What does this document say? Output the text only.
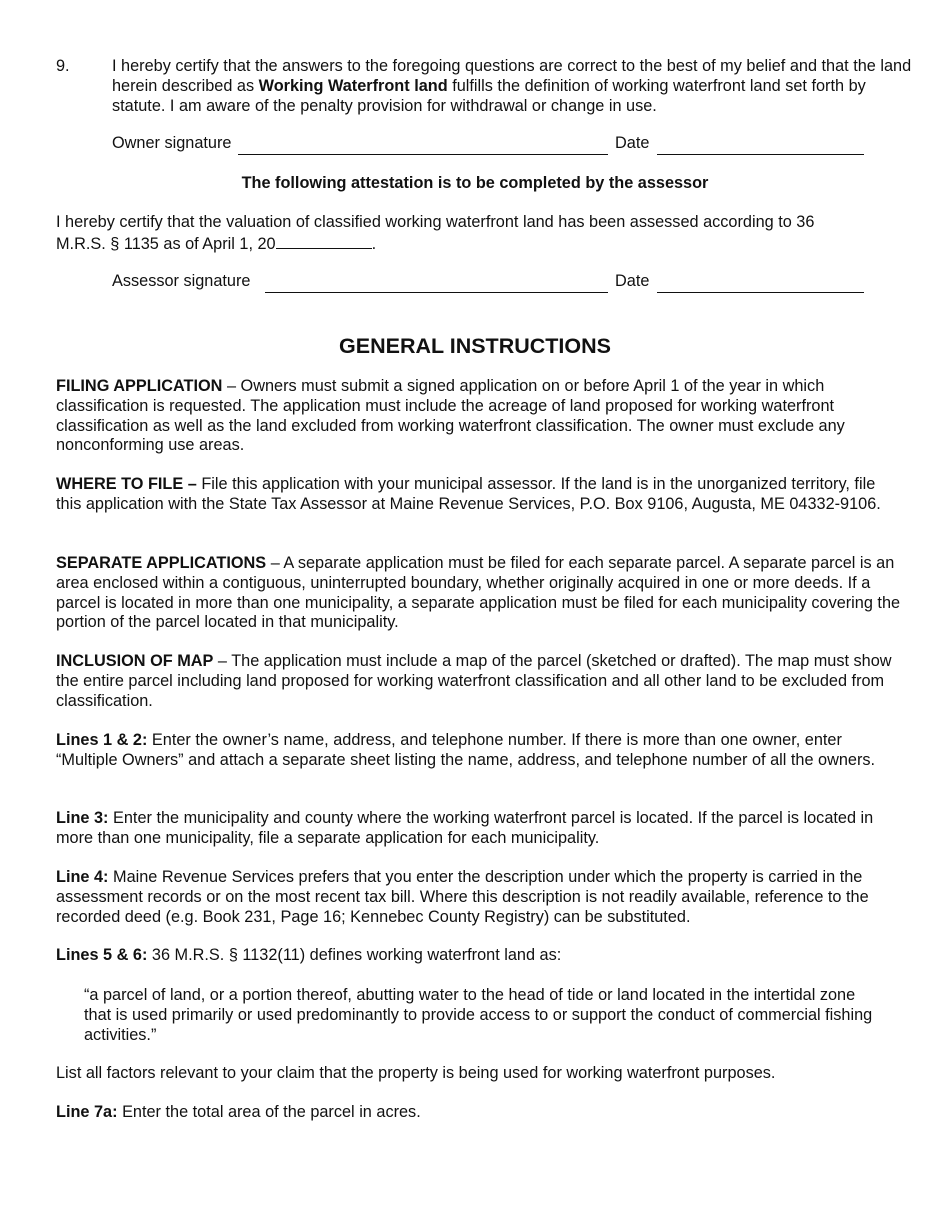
9.	I hereby certify that the answers to the foregoing questions are correct to the best of my belief and that the land herein described as Working Waterfront land fulfills the definition of working waterfront land set forth by statute. I am aware of the penalty provision for withdrawal or change in use.

Owner signature	Date

The following attestation is to be completed by the assessor

I hereby certify that the valuation of classified working waterfront land has been assessed according to 36

M.R.S. § 1135 as of April 1, 20	.

Assessor signature	Date

GENERAL INSTRUCTIONS

FILING APPLICATION – Owners must submit a signed application on or before April 1 of the year in which classification is requested. The application must include the acreage of land proposed for working waterfront classification as well as the land excluded from working waterfront classification. The owner must exclude any nonconforming use areas.

WHERE TO FILE – File this application with your municipal assessor. If the land is in the unorganized territory, file this application with the State Tax Assessor at Maine Revenue Services, P.O. Box 9106, Augusta, ME 04332-9106.

SEPARATE APPLICATIONS – A separate application must be filed for each separate parcel. A separate parcel is an area enclosed within a contiguous, uninterrupted boundary, whether originally acquired in one or more deeds. If a parcel is located in more than one municipality, a separate application must be filed for each municipality covering the portion of the parcel located in that municipality.

INCLUSION OF MAP – The application must include a map of the parcel (sketched or drafted). The map must show the entire parcel including land proposed for working waterfront classification and all other land to be excluded from classification.

Lines 1 & 2: Enter the owner’s name, address, and telephone number. If there is more than one owner, enter “Multiple Owners” and attach a separate sheet listing the name, address, and telephone number of all the owners.

Line 3: Enter the municipality and county where the working waterfront parcel is located. If the parcel is located in more than one municipality, file a separate application for each municipality.

Line 4: Maine Revenue Services prefers that you enter the description under which the property is carried in the assessment records or on the most recent tax bill. Where this description is not readily available, reference to the recorded deed (e.g. Book 231, Page 16; Kennebec County Registry) can be substituted.

Lines 5 & 6: 36 M.R.S. § 1132(11) defines working waterfront land as:

“a parcel of land, or a portion thereof, abutting water to the head of tide or land located in the intertidal zone that is used primarily or used predominantly to provide access to or support the conduct of commercial fishing activities.”

List all factors relevant to your claim that the property is being used for working waterfront purposes.

Line 7a: Enter the total area of the parcel in acres.
